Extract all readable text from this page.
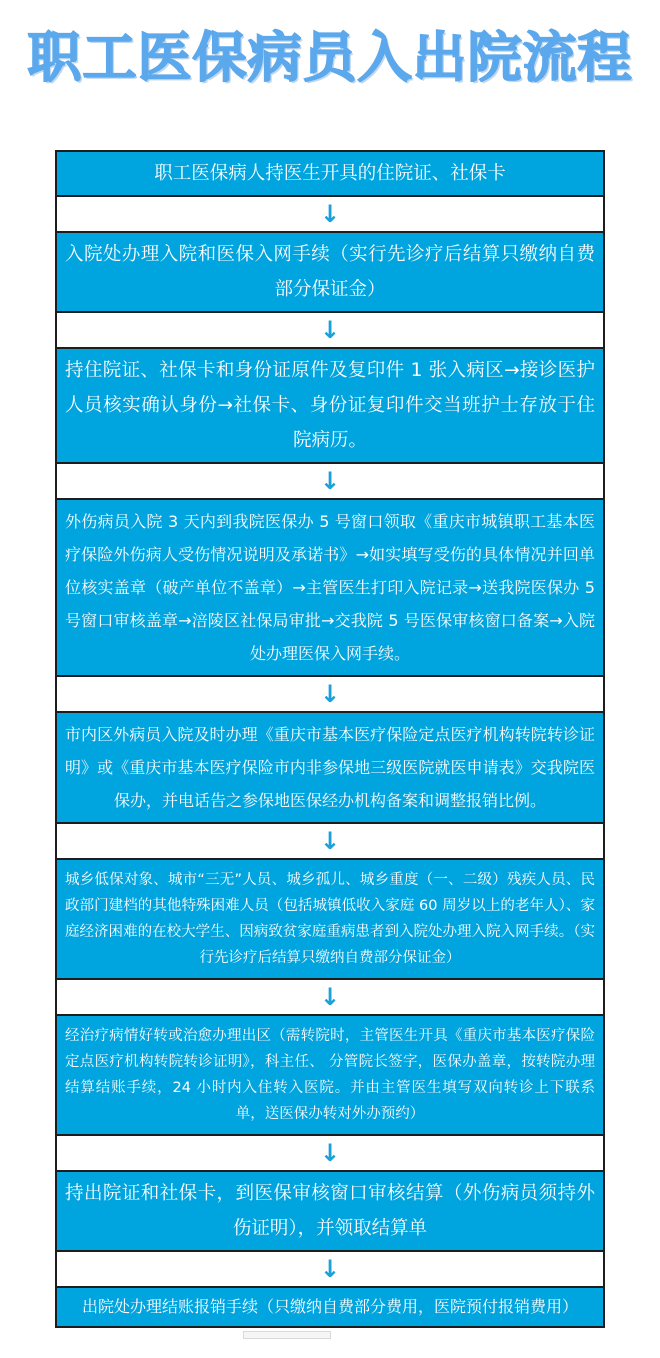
职工医保病员入出院流程
职工医保病人持医生开具的住院证、社保卡
↓
入院处办理入院和医保入网手续（实行先诊疗后结算只缴纳自费部分保证金）
↓
持住院证、社保卡和身份证原件及复印件 1 张入病区→接诊医护人员核实确认身份→社保卡、身份证复印件交当班护士存放于住院病历。
↓
外伤病员入院 3 天内到我院医保办 5 号窗口领取《重庆市城镇职工基本医疗保险外伤病人受伤情况说明及承诺书》→如实填写受伤的具体情况并回单位核实盖章（破产单位不盖章）→主管医生打印入院记录→送我院医保办 5 号窗口审核盖章→涪陵区社保局审批→交我院 5 号医保审核窗口备案→入院处办理医保入网手续。
↓
市内区外病员入院及时办理《重庆市基本医疗保险定点医疗机构转院转诊证明》或《重庆市基本医疗保险市内非参保地三级医院就医申请表》交我院医保办，并电话告之参保地医保经办机构备案和调整报销比例。
↓
城乡低保对象、城市“三无”人员、城乡孤儿、城乡重度（一、二级）残疾人员、民政部门建档的其他特殊困难人员（包括城镇低收入家庭 60 周岁以上的老年人）、家庭经济困难的在校大学生、因病致贫家庭重病患者到入院处办理入院入网手续。（实行先诊疗后结算只缴纳自费部分保证金）
↓
经治疗病情好转或治愈办理出区（需转院时，主管医生开具《重庆市基本医疗保险定点医疗机构转院转诊证明》，科主任、 分管院长签字，医保办盖章，按转院办理结算结账手续，24 小时内入住转入医院。并由主管医生填写双向转诊上下联系单，送医保办转对外办预约）
↓
持出院证和社保卡，到医保审核窗口审核结算（外伤病员须持外伤证明），并领取结算单
↓
出院处办理结账报销手续（只缴纳自费部分费用，医院预付报销费用）
